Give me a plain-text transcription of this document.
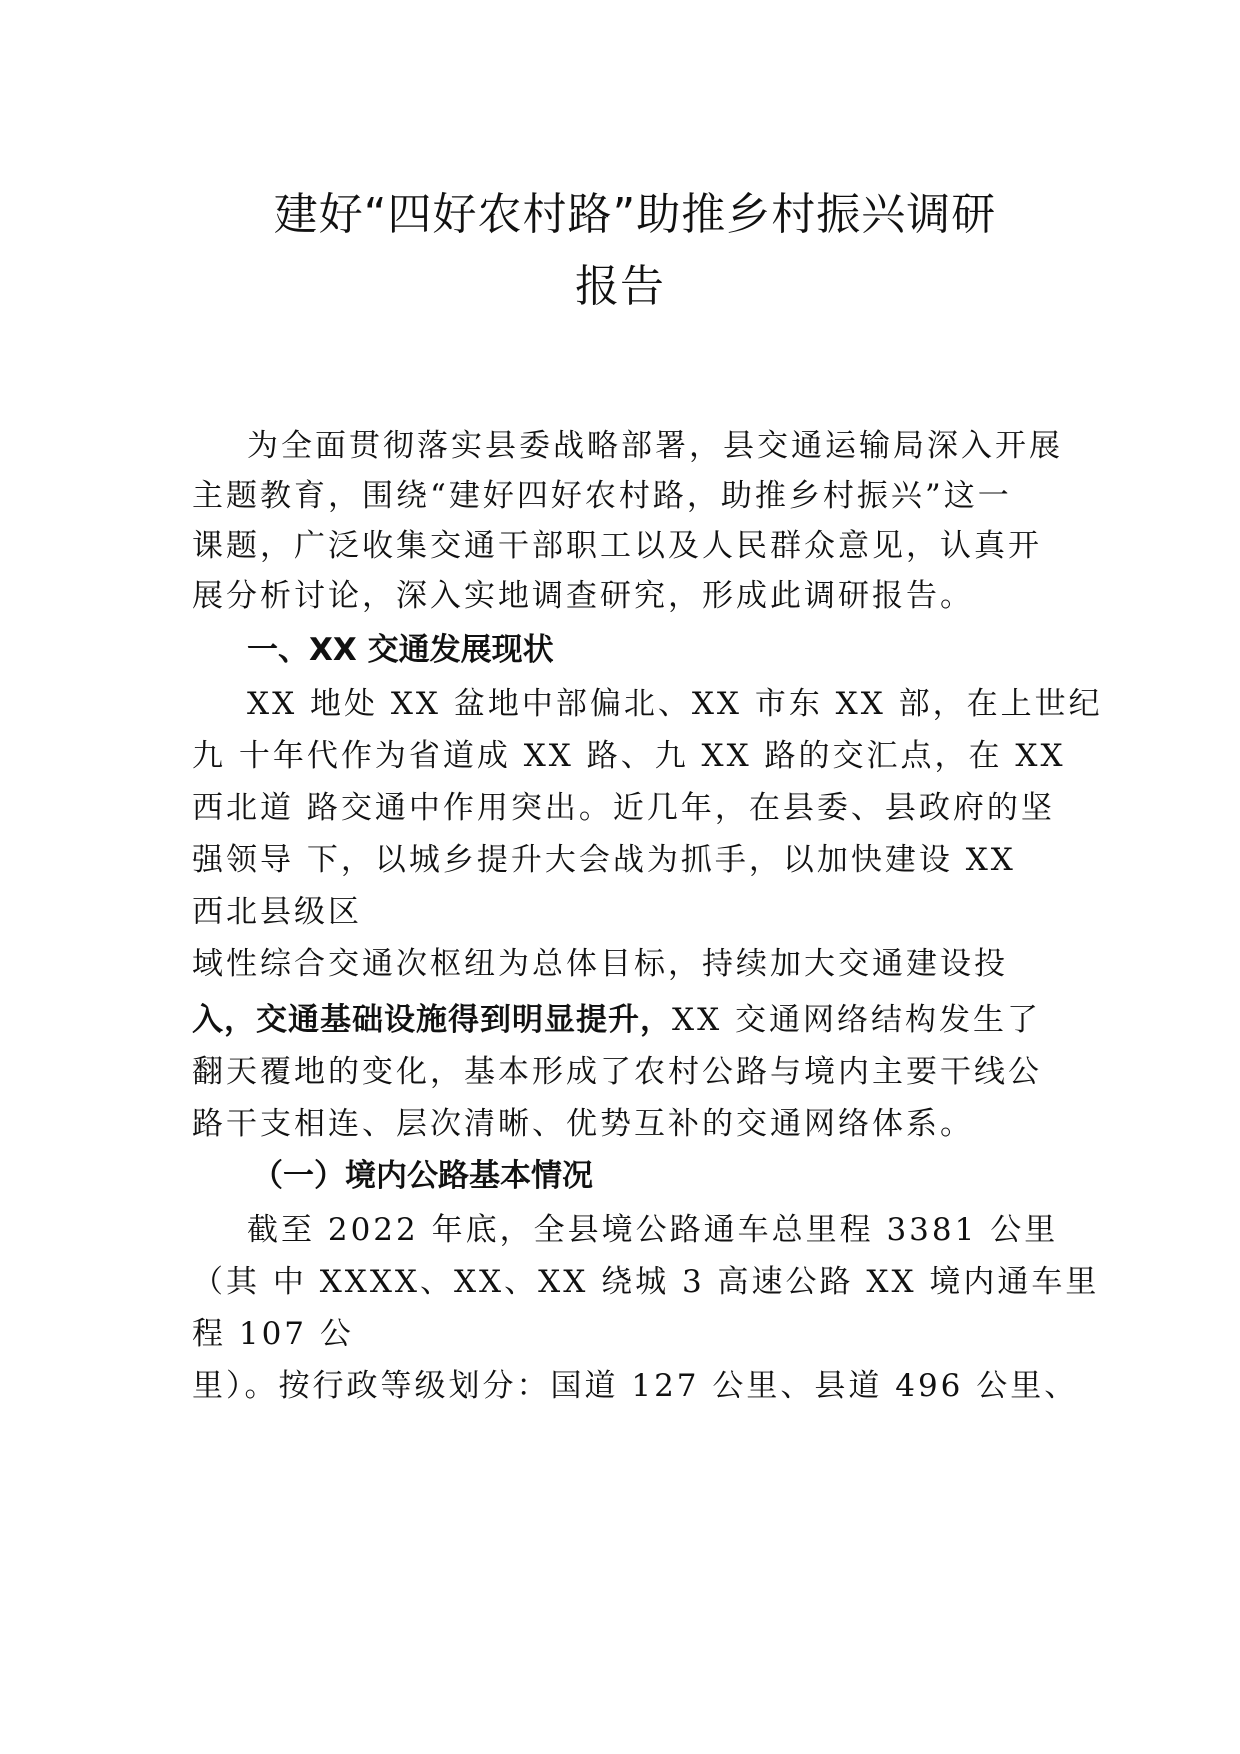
建好“四好农村路”助推乡村振兴调研
报告

为全面贯彻落实县委战略部署，县交通运输局深入开展

主题教育，围绕“建好四好农村路，助推乡村振兴”这一

课题，广泛收集交通干部职工以及人民群众意见，认真开

展分析讨论，深入实地调查研究，形成此调研报告。

一、XX 交通发展现状

XX 地处 XX 盆地中部偏北、XX 市东 XX 部，在上世纪

九 十年代作为省道成 XX 路、九 XX 路的交汇点，在 XX

西北道 路交通中作用突出。近几年，在县委、县政府的坚

强领导 下，以城乡提升大会战为抓手，以加快建设 XX

西北县级区

域性综合交通次枢纽为总体目标，持续加大交通建设投

入，交通基础设施得到明显提升，XX 交通网络结构发生了

翻天覆地的变化，基本形成了农村公路与境内主要干线公

路干支相连、层次清晰、优势互补的交通网络体系。

（一）境内公路基本情况

截至 2022 年底，全县境公路通车总里程 3381 公里

（其 中 XXXX、XX、XX 绕城 3 高速公路 XX 境内通车里

程 107 公

里）。按行政等级划分：国道 127 公里、县道 496 公里、
